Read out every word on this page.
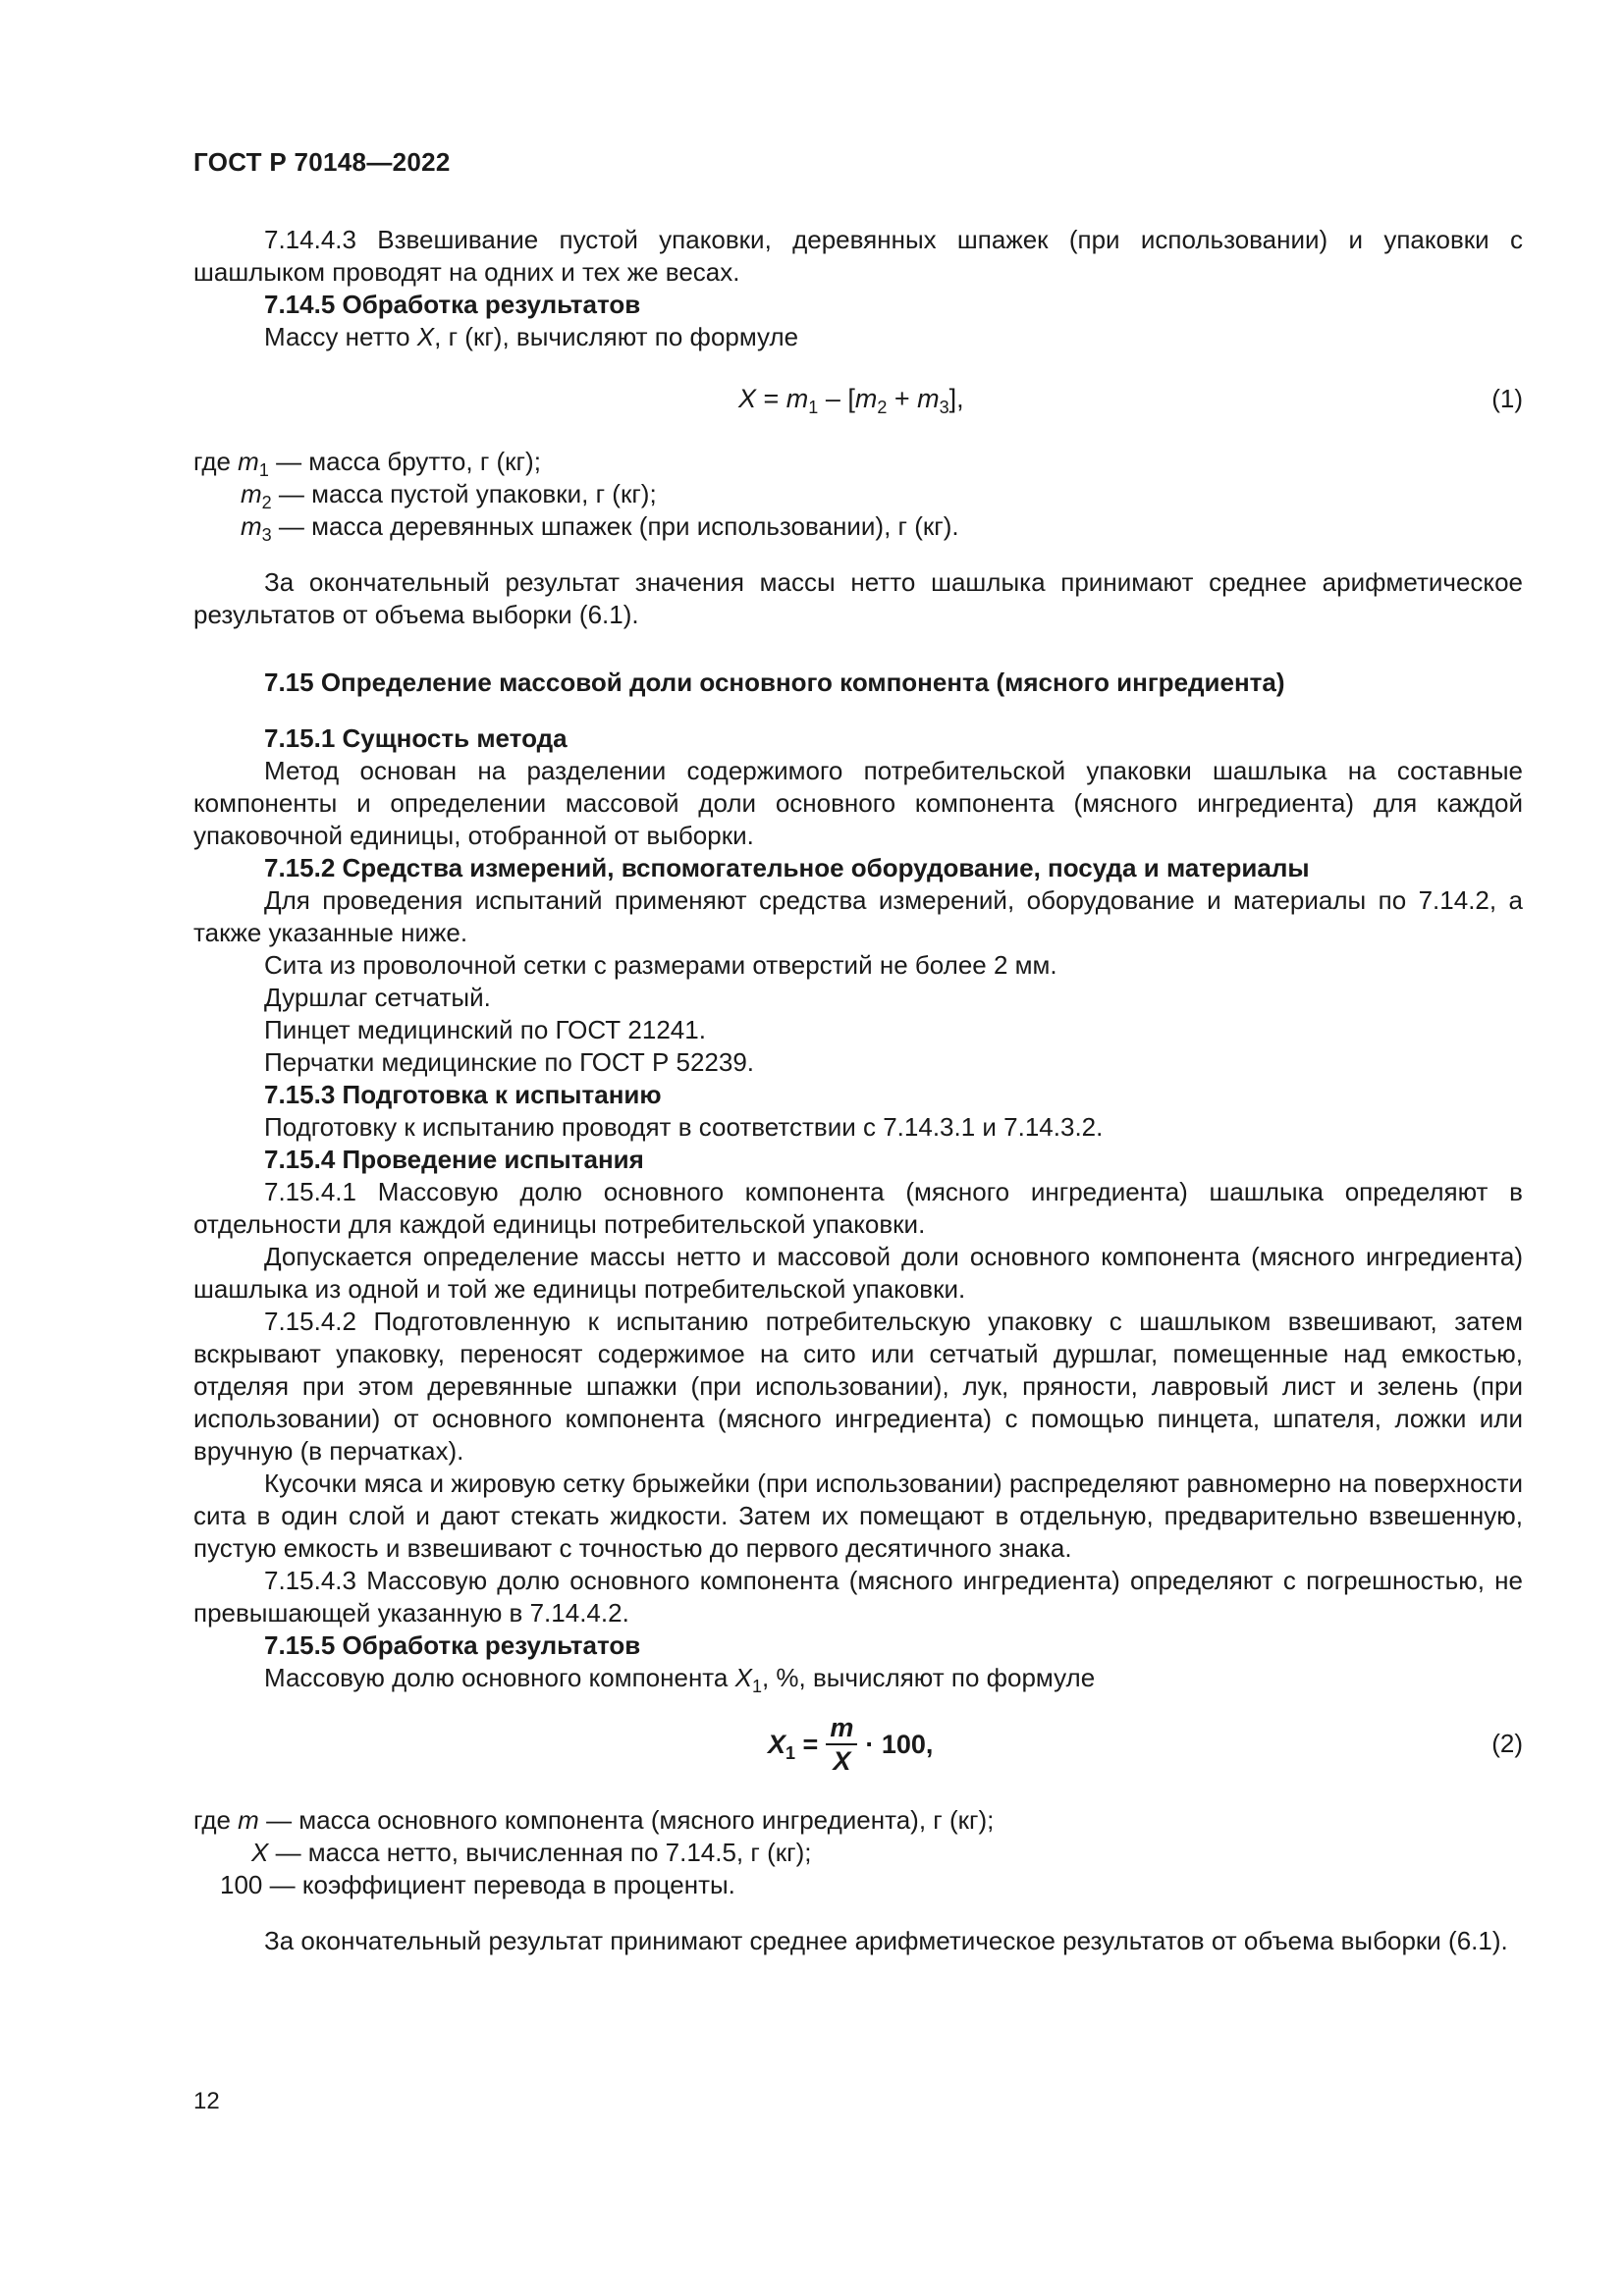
ГОСТ Р 70148—2022

7.14.4.3 Взвешивание пустой упаковки, деревянных шпажек (при использовании) и упаковки с шашлыком проводят на одних и тех же весах.

7.14.5 Обработка результатов

Массу нетто X, г (кг), вычисляют по формуле

$X = m_1 - [m_2 + m_3]$,	(1)
где $m_1$ — масса брутто, г (кг);
$m_2$ — масса пустой упаковки, г (кг);
$m_3$ — масса деревянных шпажек (при использовании), г (кг).

За окончательный результат значения массы нетто шашлыка принимают среднее арифметическое результатов от объема выборки (6.1).

7.15 Определение массовой доли основного компонента (мясного ингредиента)

7.15.1 Сущность метода

Метод основан на разделении содержимого потребительской упаковки шашлыка на составные компоненты и определении массовой доли основного компонента (мясного ингредиента) для каждой упаковочной единицы, отобранной от выборки.

7.15.2 Средства измерений, вспомогательное оборудование, посуда и материалы

Для проведения испытаний применяют средства измерений, оборудование и материалы по 7.14.2, а также указанные ниже.

Сита из проволочной сетки с размерами отверстий не более 2 мм.

Дуршлаг сетчатый.

Пинцет медицинский по ГОСТ 21241.

Перчатки медицинские по ГОСТ Р 52239.

7.15.3 Подготовка к испытанию

Подготовку к испытанию проводят в соответствии с 7.14.3.1 и 7.14.3.2.

7.15.4 Проведение испытания

7.15.4.1 Массовую долю основного компонента (мясного ингредиента) шашлыка определяют в отдельности для каждой единицы потребительской упаковки.

Допускается определение массы нетто и массовой доли основного компонента (мясного ингредиента) шашлыка из одной и той же единицы потребительской упаковки.

7.15.4.2 Подготовленную к испытанию потребительскую упаковку с шашлыком взвешивают, затем вскрывают упаковку, переносят содержимое на сито или сетчатый дуршлаг, помещенные над емкостью, отделяя при этом деревянные шпажки (при использовании), лук, пряности, лавровый лист и зелень (при использовании) от основного компонента (мясного ингредиента) с помощью пинцета, шпателя, ложки или вручную (в перчатках).

Кусочки мяса и жировую сетку брыжейки (при использовании) распределяют равномерно на поверхности сита в один слой и дают стекать жидкости. Затем их помещают в отдельную, предварительно взвешенную, пустую емкость и взвешивают с точностью до первого десятичного знака.

7.15.4.3 Массовую долю основного компонента (мясного ингредиента) определяют с погрешностью, не превышающей указанную в 7.14.4.2.

7.15.5 Обработка результатов

Массовую долю основного компонента $X_1$, %, вычисляют по формуле

$X_1 = \frac{m}{X} \cdot 100$,	(2)
где m — масса основного компонента (мясного ингредиента), г (кг);
X — масса нетто, вычисленная по 7.14.5, г (кг);
100 — коэффициент перевода в проценты.

За окончательный результат принимают среднее арифметическое результатов от объема выборки (6.1).

12
